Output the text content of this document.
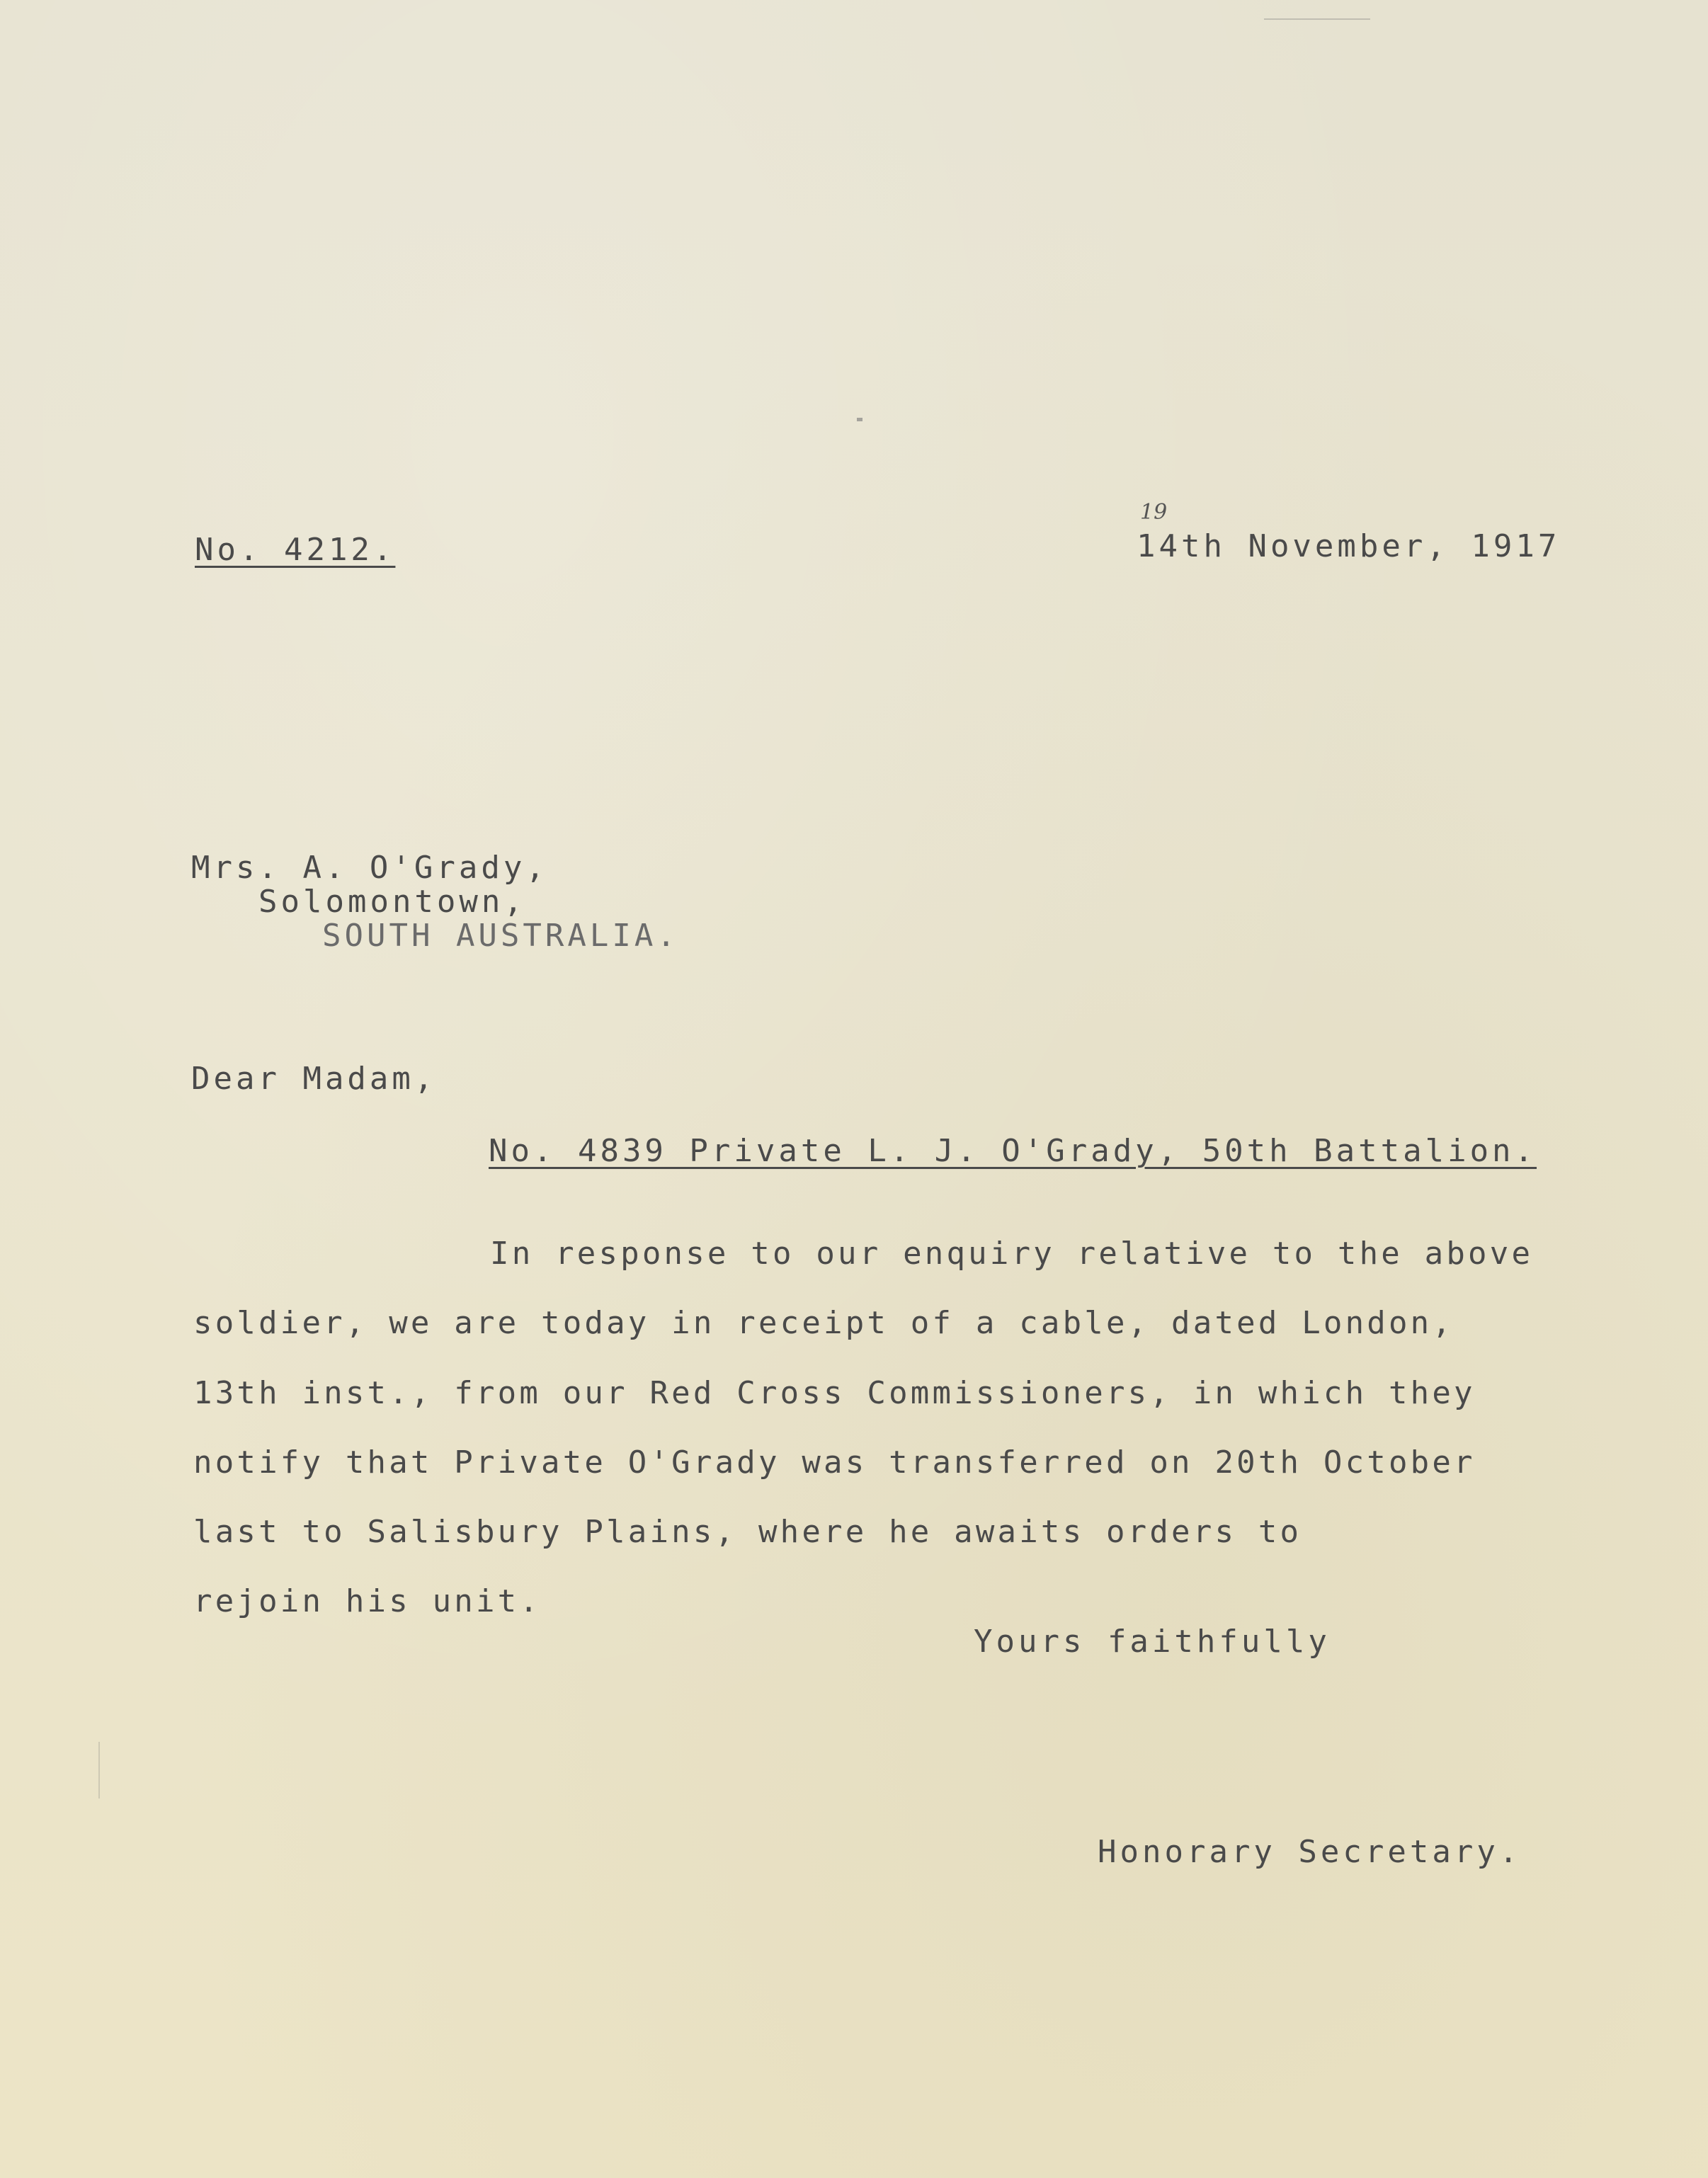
No. 4212.

19

14th November, 1917

Mrs. A. O'Grady,

Solomontown,

SOUTH AUSTRALIA.

Dear Madam,

No. 4839 Private L. J. O'Grady, 50th Battalion.

In response to our enquiry relative to the above

soldier, we are today in receipt of a cable, dated London,

13th inst., from our Red Cross Commissioners, in which they

notify that Private O'Grady was transferred on 20th October

last to Salisbury Plains, where he awaits orders to

rejoin his unit.

Yours faithfully

Honorary Secretary.
